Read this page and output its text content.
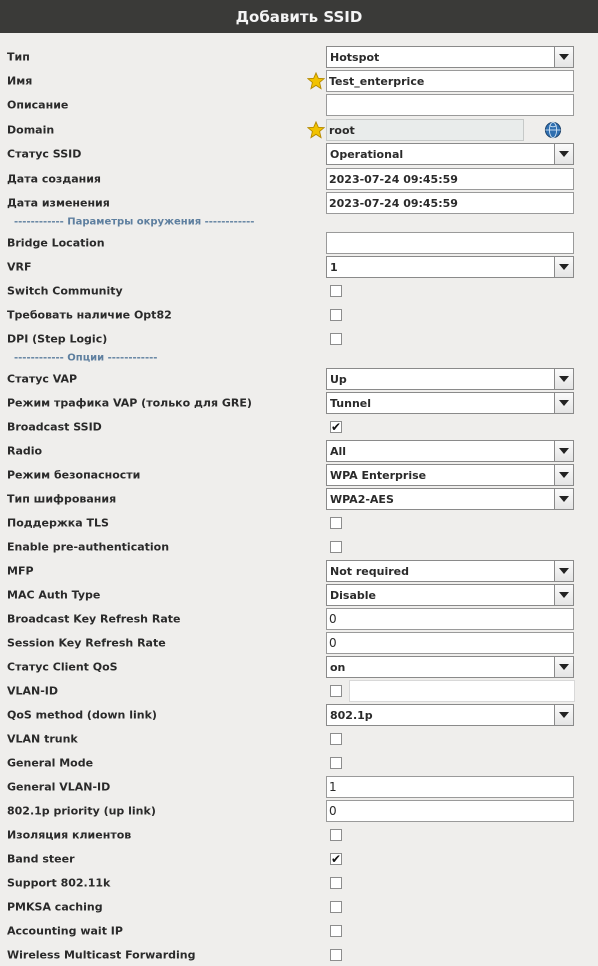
Добавить SSID
Тип	Hotspot
Имя	Test_enterprice
Описание
Domain	root
Статус SSID	Operational
Дата создания	2023-07-24 09:45:59
Дата изменения	2023-07-24 09:45:59
------------ Параметры окружения ------------
Bridge Location
VRF	1
Switch Community
Требовать наличие Opt82
DPI (Step Logic)
------------ Опции ------------
Статус VAP	Up
Режим трафика VAP (только для GRE)	Tunnel
Broadcast SSID	✔
Radio	All
Режим безопасности	WPA Enterprise
Тип шифрования	WPA2-AES
Поддержка TLS
Enable pre-authentication
MFP	Not required
MAC Auth Type	Disable
Broadcast Key Refresh Rate	0
Session Key Refresh Rate	0
Статус Client QoS	on
VLAN-ID
QoS method (down link)	802.1p
VLAN trunk
General Mode
General VLAN-ID	1
802.1p priority (up link)	0
Изоляция клиентов
Band steer	✔
Support 802.11k
PMKSA caching
Accounting wait IP
Wireless Multicast Forwarding
